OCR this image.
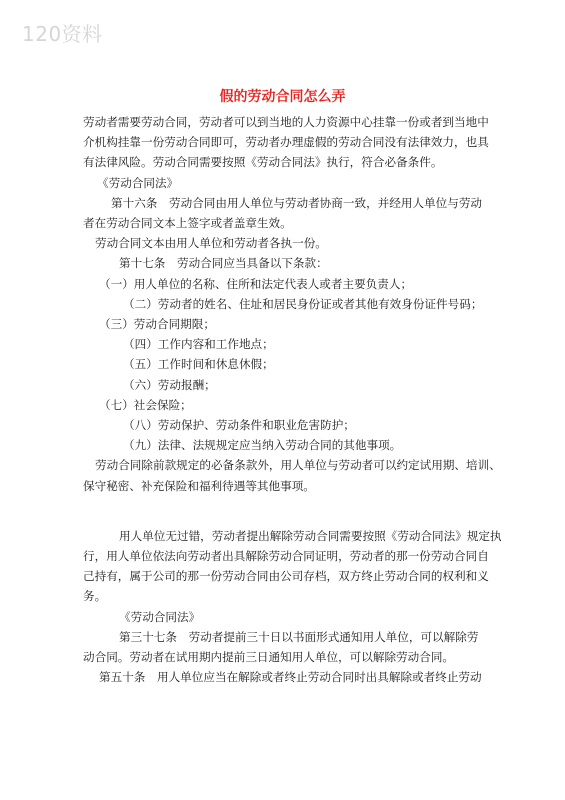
120资料
假的劳动合同怎么弄
劳动者需要劳动合同，劳动者可以到当地的人力资源中心挂靠一份或者到当地中
介机构挂靠一份劳动合同即可，劳动者办理虚假的劳动合同没有法律效力，也具
有法律风险。劳动合同需要按照《劳动合同法》执行，符合必备条件。
《劳动合同法》
第十六条　劳动合同由用人单位与劳动者协商一致，并经用人单位与劳动
者在劳动合同文本上签字或者盖章生效。
劳动合同文本由用人单位和劳动者各执一份。
第十七条　劳动合同应当具备以下条款：
（一）用人单位的名称、住所和法定代表人或者主要负责人；
（二）劳动者的姓名、住址和居民身份证或者其他有效身份证件号码；
（三）劳动合同期限；
（四）工作内容和工作地点；
（五）工作时间和休息休假；
（六）劳动报酬；
（七）社会保险；
（八）劳动保护、劳动条件和职业危害防护；
（九）法律、法规规定应当纳入劳动合同的其他事项。
劳动合同除前款规定的必备条款外，用人单位与劳动者可以约定试用期、培训、
保守秘密、补充保险和福利待遇等其他事项。
用人单位无过错，劳动者提出解除劳动合同需要按照《劳动合同法》规定执
行，用人单位依法向劳动者出具解除劳动合同证明，劳动者的那一份劳动合同自
己持有，属于公司的那一份劳动合同由公司存档，双方终止劳动合同的权利和义
务。
《劳动合同法》
第三十七条　劳动者提前三十日以书面形式通知用人单位，可以解除劳
动合同。劳动者在试用期内提前三日通知用人单位，可以解除劳动合同。
第五十条　用人单位应当在解除或者终止劳动合同时出具解除或者终止劳动
